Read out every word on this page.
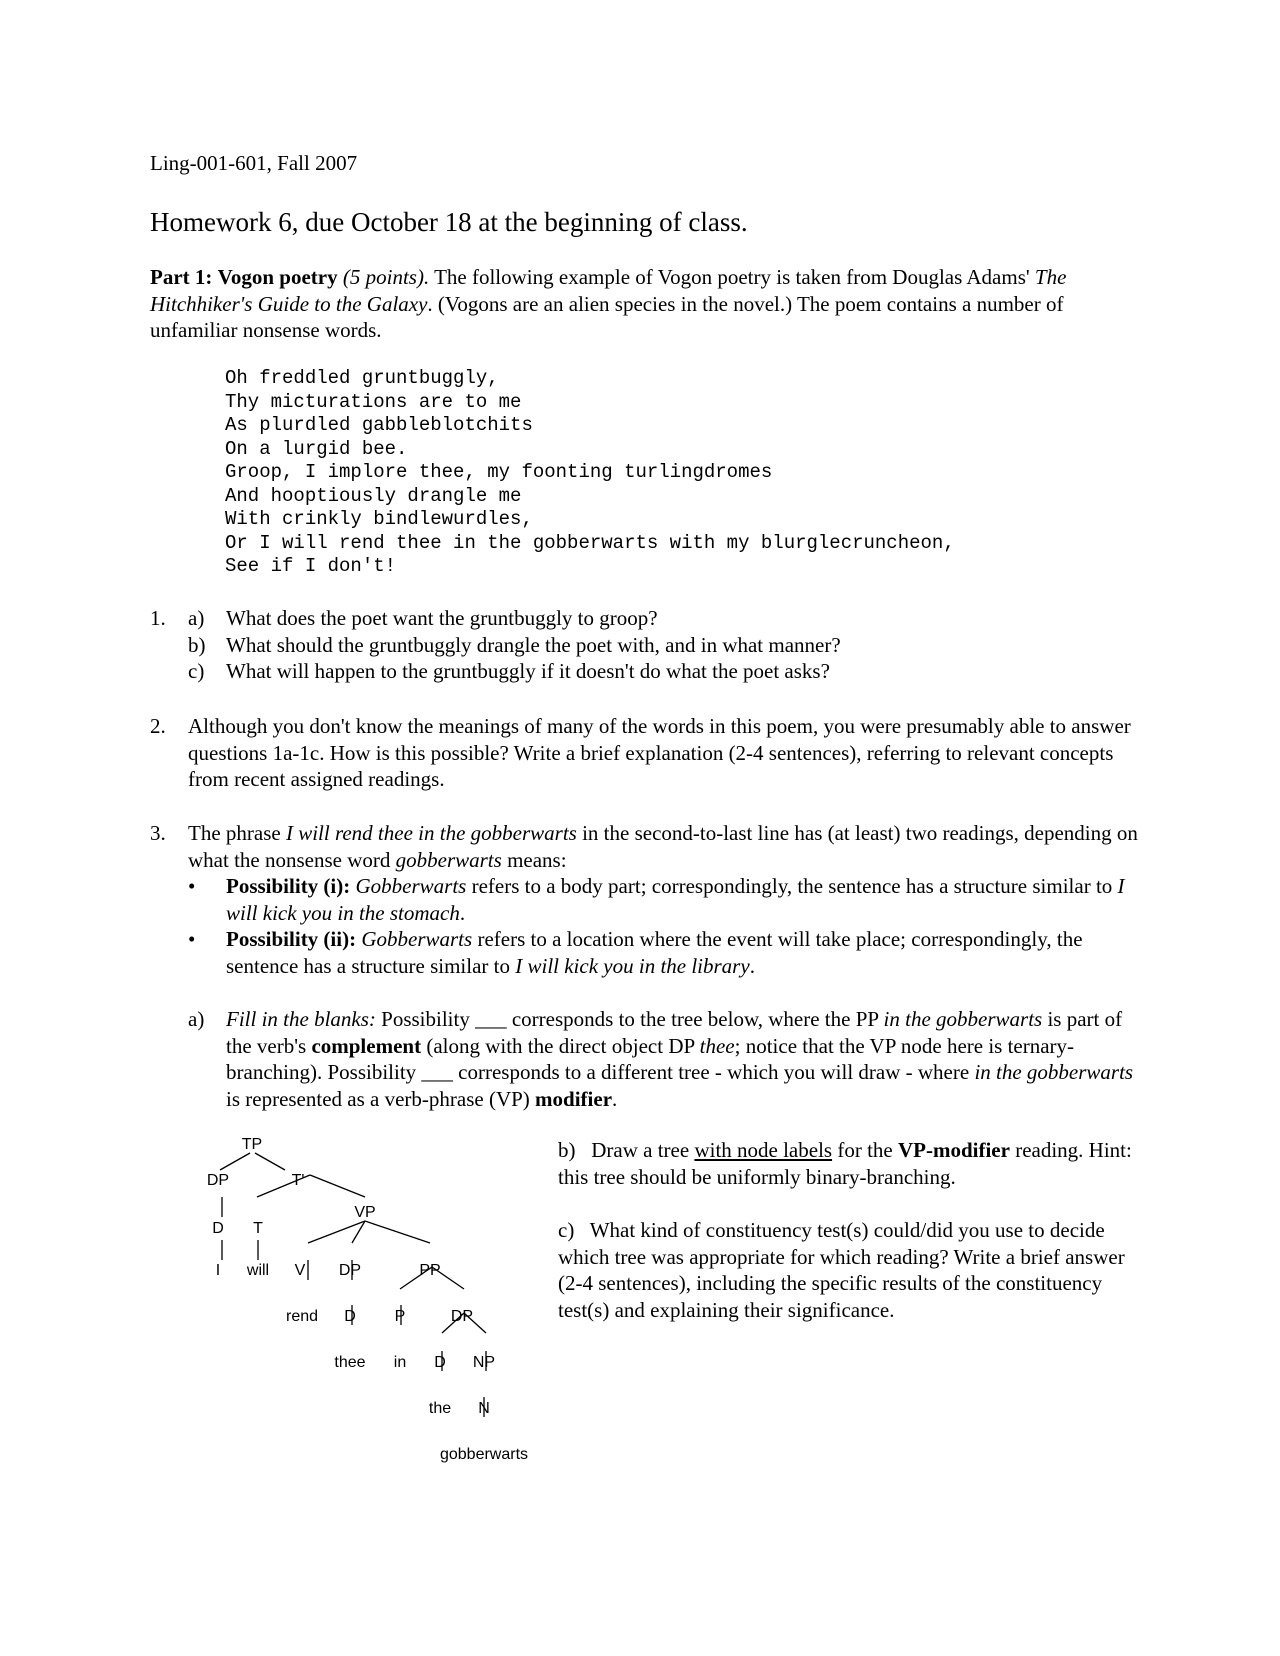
Ling-001-601, Fall 2007
Homework 6, due October 18 at the beginning of class.
Part 1: Vogon poetry (5 points). The following example of Vogon poetry is taken from Douglas Adams' The Hitchhiker's Guide to the Galaxy. (Vogons are an alien species in the novel.) The poem contains a number of unfamiliar nonsense words.
Oh freddled gruntbuggly,
Thy micturations are to me
As plurdled gabbleblotchits
On a lurgid bee.
Groop, I implore thee, my foonting turlingdromes
And hooptiously drangle me
With crinkly bindlewurdles,
Or I will rend thee in the gobberwarts with my blurglecruncheon,
See if I don't!
1.	a)	What does the poet want the gruntbuggly to groop?
b) What should the gruntbuggly drangle the poet with, and in what manner?
c)	What will happen to the gruntbuggly if it doesn't do what the poet asks?
2.	Although you don't know the meanings of many of the words in this poem, you were presumably able to answer questions 1a-1c. How is this possible? Write a brief explanation (2-4 sentences), referring to relevant concepts from recent assigned readings.
3.	The phrase I will rend thee in the gobberwarts in the second-to-last line has (at least) two readings, depending on what the nonsense word gobberwarts means:
•	Possibility (i): Gobberwarts refers to a body part; correspondingly, the sentence has a structure similar to I will kick you in the stomach.
•	Possibility (ii): Gobberwarts refers to a location where the event will take place; correspondingly, the sentence has a structure similar to I will kick you in the library.
a)	Fill in the blanks: Possibility ___ corresponds to the tree below, where the PP in the gobberwarts is part of the verb's complement (along with the direct object DP thee; notice that the VP node here is ternary-branching). Possibility ___ corresponds to a different tree - which you will draw - where in the gobberwarts is represented as a verb-phrase (VP) modifier.
TP
DP	T'
D T
VP
I will V DP	PP
rend D P	DP
thee in D NP
the N
gobberwarts
b) Draw a tree with node labels for the VP-modifier reading. Hint: this tree should be uniformly binary-branching.
c) What kind of constituency test(s) could/did you use to decide which tree was appropriate for which reading? Write a brief answer (2-4 sentences), including the specific results of the constituency test(s) and explaining their significance.
